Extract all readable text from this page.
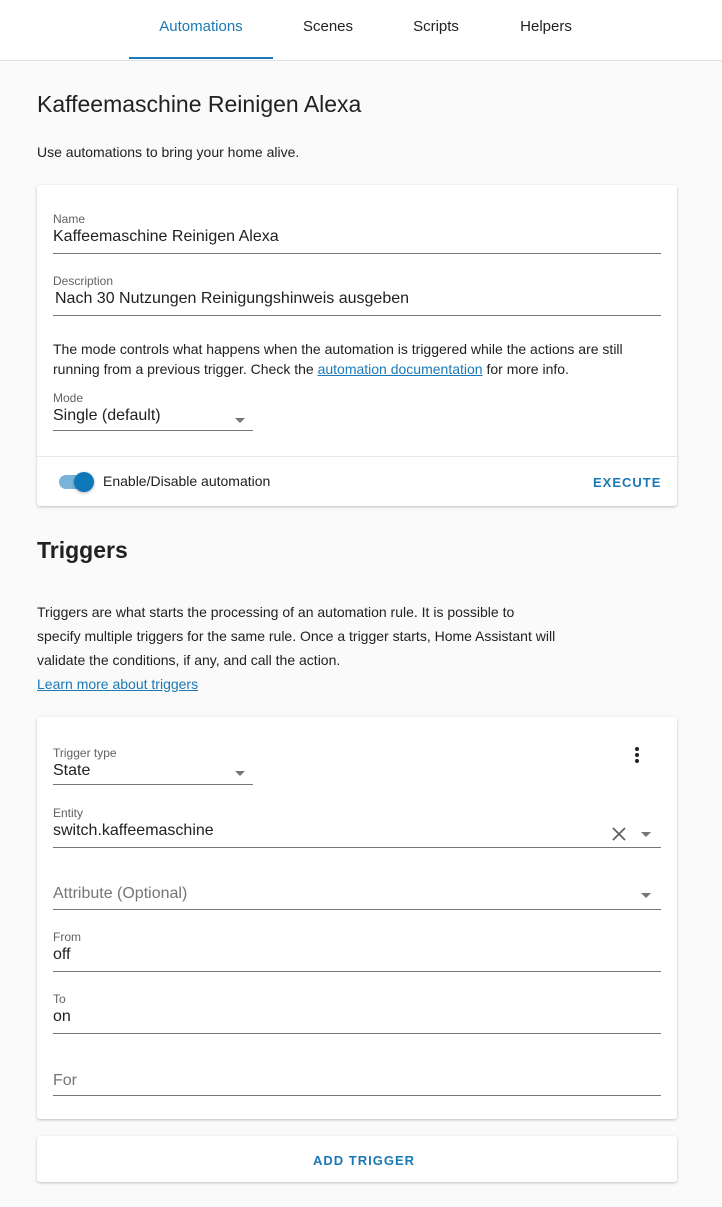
Automations	Scenes	Scripts	Helpers
Kaffeemaschine Reinigen Alexa

Use automations to bring your home alive.

Name
Kaffeemaschine Reinigen Alexa
Description
Nach 30 Nutzungen Reinigungshinweis ausgeben

The mode controls what happens when the automation is triggered while the actions are still running from a previous trigger. Check the automation documentation for more info.

Mode
Single (default)
Enable/Disable automation	EXECUTE
Triggers

Triggers are what starts the processing of an automation rule. It is possible to specify multiple triggers for the same rule. Once a trigger starts, Home Assistant will validate the conditions, if any, and call the action.
Learn more about triggers

Trigger type
State
Entity
switch.kaffeemaschine
Attribute (Optional)
From
off
To
on
For
ADD TRIGGER
